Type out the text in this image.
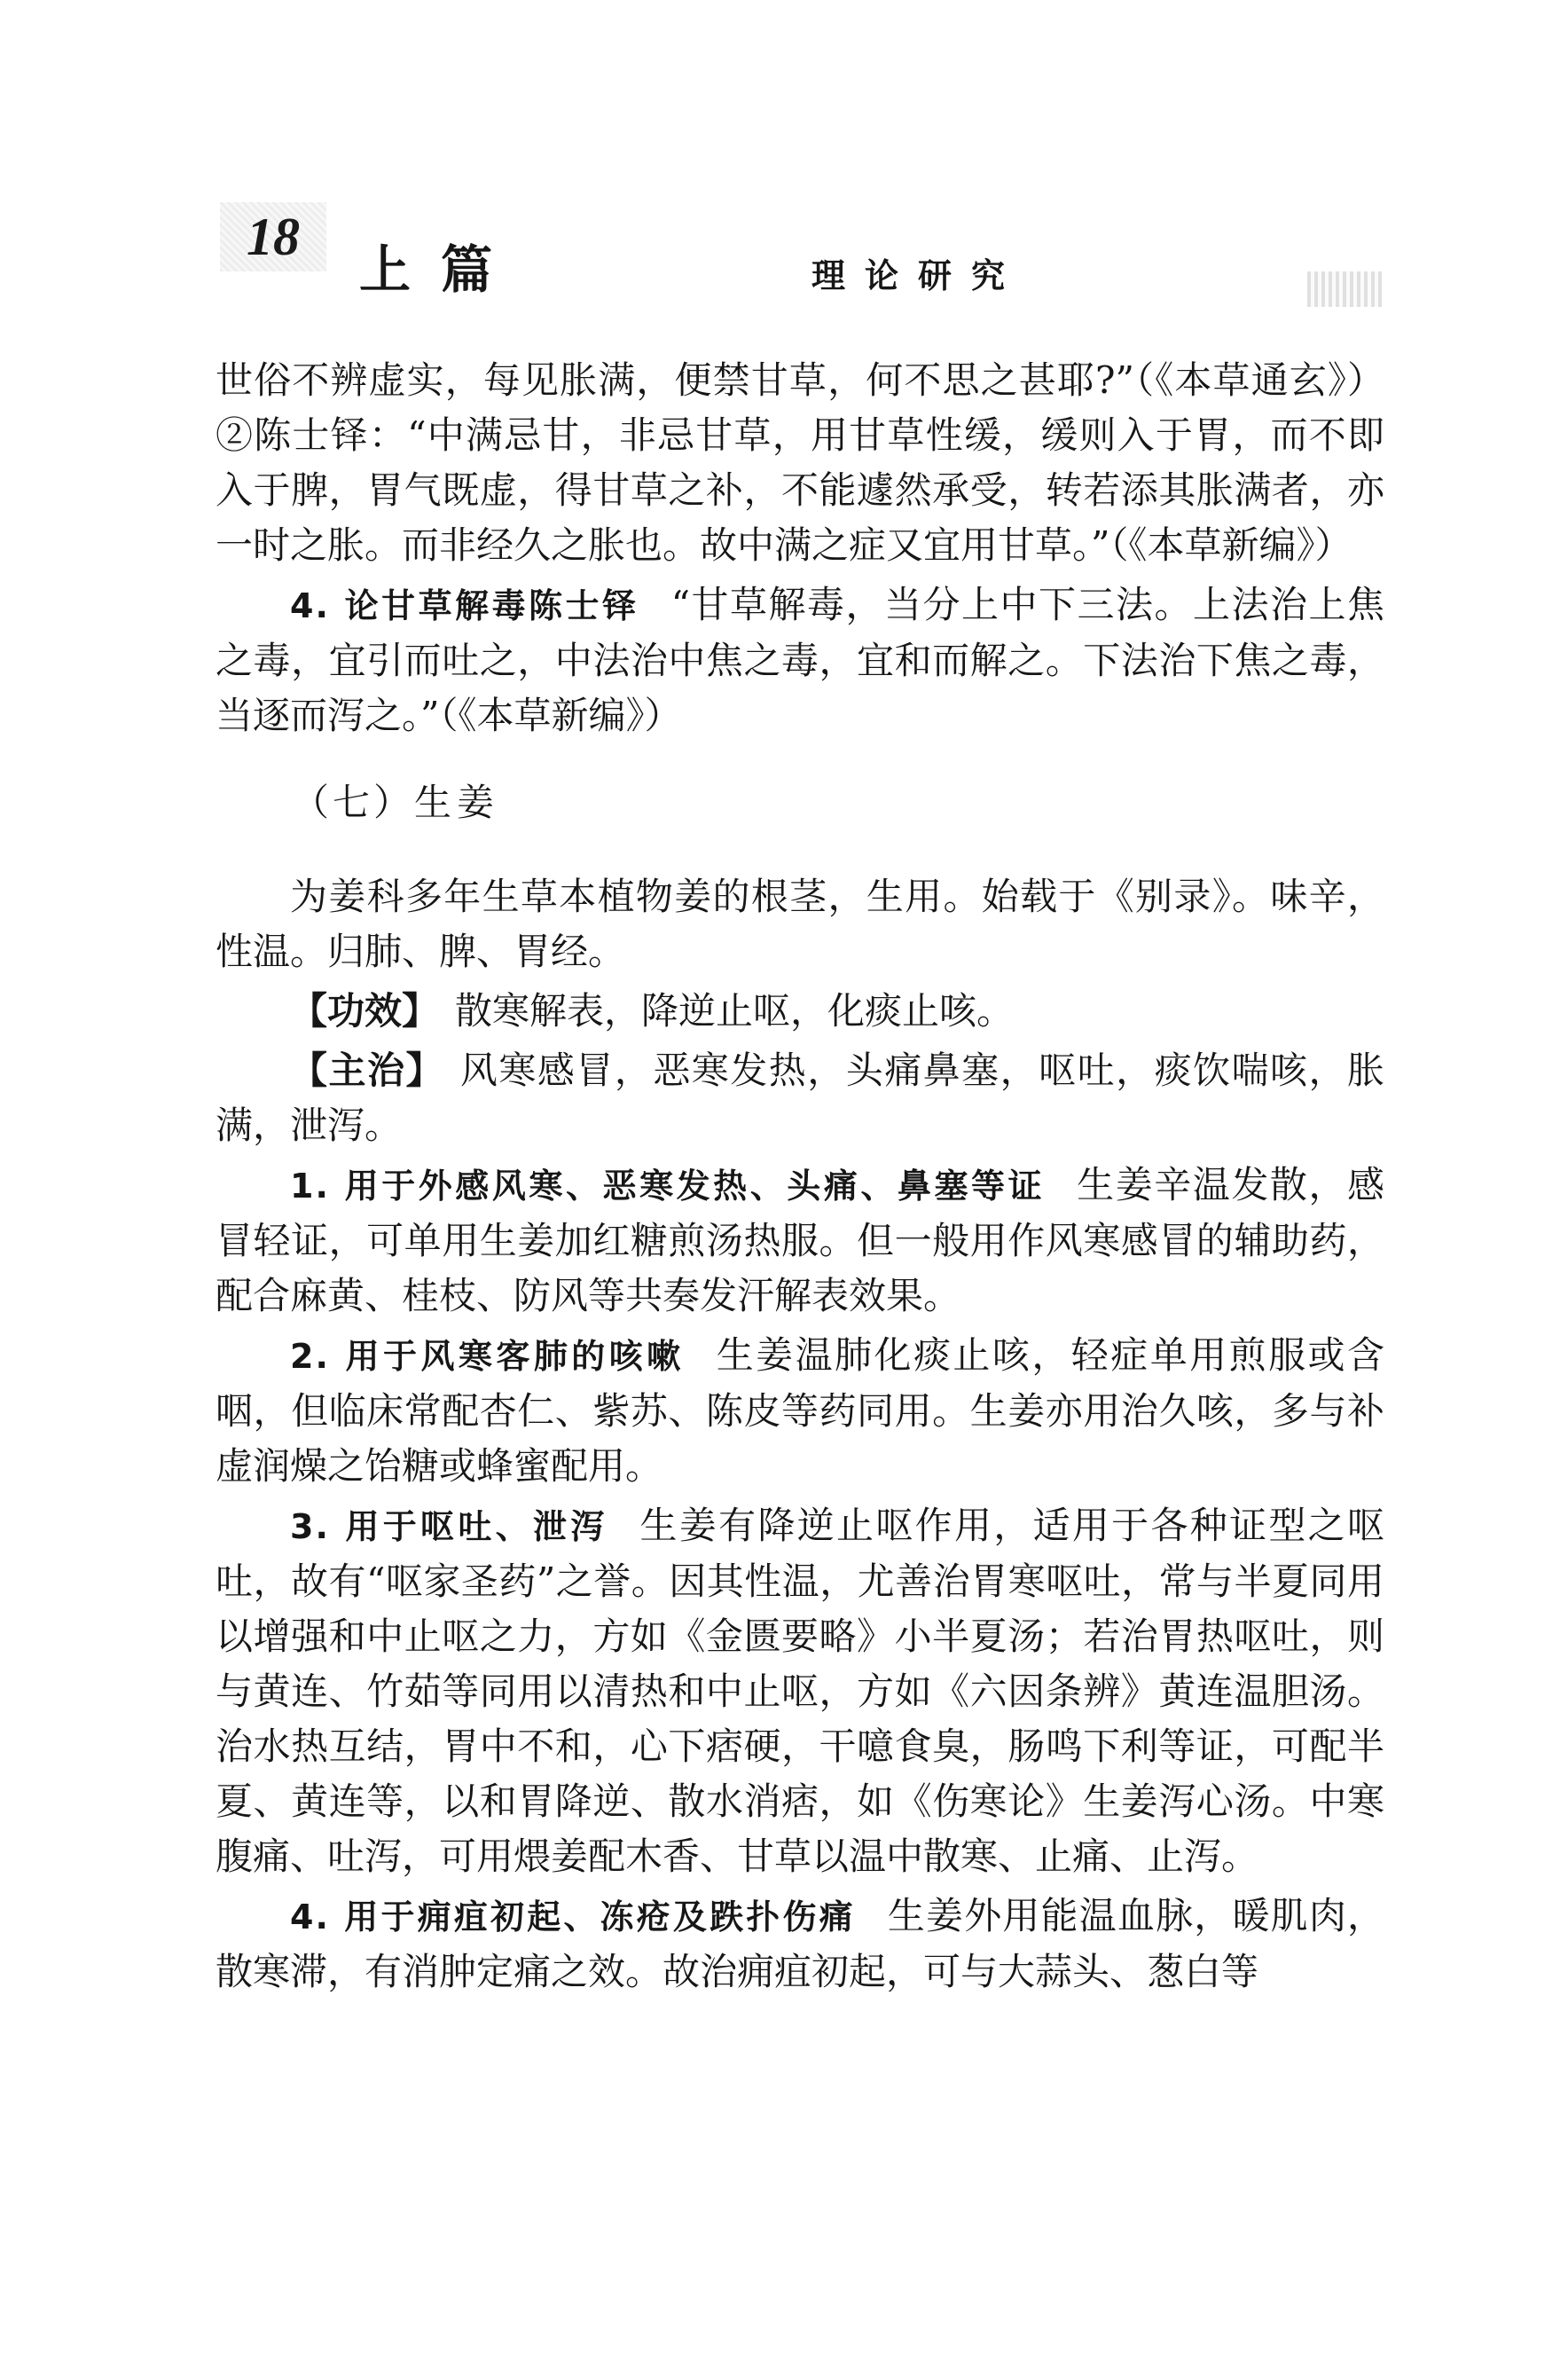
18
上篇	理论研究

世俗不辨虚实，每见胀满，便禁甘草，何不思之甚耶?”（《本草通玄》）②陈士铎：“中满忌甘，非忌甘草，用甘草性缓，缓则入于胃，而不即入于脾，胃气既虚，得甘草之补，不能遽然承受，转若添其胀满者，亦一时之胀。而非经久之胀也。故中满之症又宜用甘草。”（《本草新编》）

4. 论甘草解毒陈士铎 “甘草解毒，当分上中下三法。上法治上焦之毒，宜引而吐之，中法治中焦之毒，宜和而解之。下法治下焦之毒，当逐而泻之。”（《本草新编》）

（七）生姜

为姜科多年生草本植物姜的根茎，生用。始载于《别录》。味辛，性温。归肺、脾、胃经。

【功效】 散寒解表，降逆止呕，化痰止咳。

【主治】 风寒感冒，恶寒发热，头痛鼻塞，呕吐，痰饮喘咳，胀满，泄泻。

1. 用于外感风寒、恶寒发热、头痛、鼻塞等证 生姜辛温发散，感冒轻证，可单用生姜加红糖煎汤热服。但一般用作风寒感冒的辅助药，配合麻黄、桂枝、防风等共奏发汗解表效果。

2. 用于风寒客肺的咳嗽 生姜温肺化痰止咳，轻症单用煎服或含咽，但临床常配杏仁、紫苏、陈皮等药同用。生姜亦用治久咳，多与补虚润燥之饴糖或蜂蜜配用。

3. 用于呕吐、泄泻 生姜有降逆止呕作用，适用于各种证型之呕吐，故有“呕家圣药”之誉。因其性温，尤善治胃寒呕吐，常与半夏同用以增强和中止呕之力，方如《金匮要略》小半夏汤；若治胃热呕吐，则与黄连、竹茹等同用以清热和中止呕，方如《六因条辨》黄连温胆汤。治水热互结，胃中不和，心下痞硬，干噫食臭，肠鸣下利等证，可配半夏、黄连等，以和胃降逆、散水消痞，如《伤寒论》生姜泻心汤。中寒腹痛、吐泻，可用煨姜配木香、甘草以温中散寒、止痛、止泻。

4. 用于痈疽初起、冻疮及跌扑伤痛 生姜外用能温血脉，暖肌肉，散寒滞，有消肿定痛之效。故治痈疽初起，可与大蒜头、葱白等
